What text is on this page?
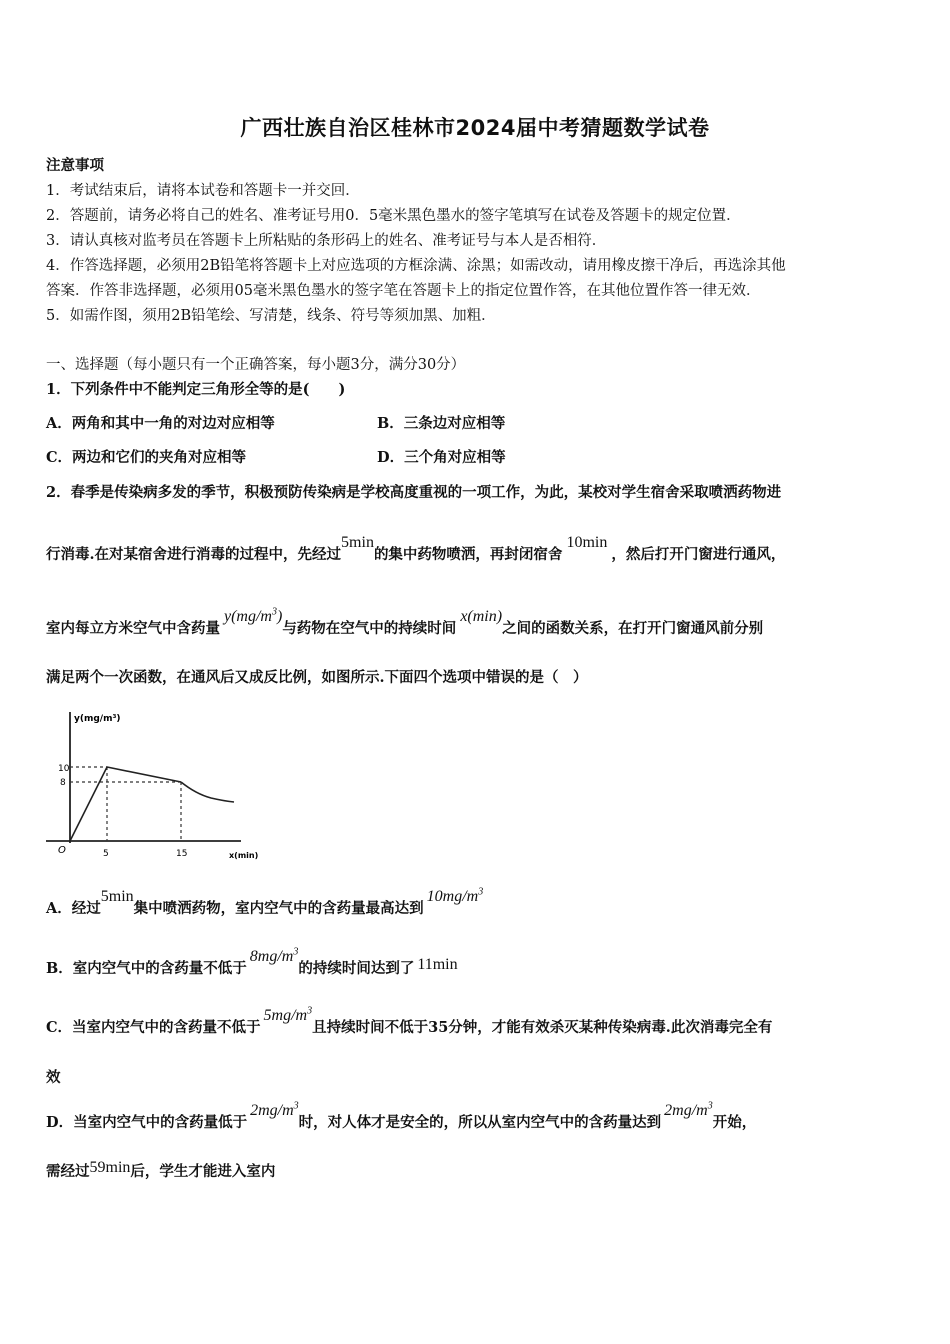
广西壮族自治区桂林市2024届中考猜题数学试卷
注意事项
1．考试结束后，请将本试卷和答题卡一并交回．
2．答题前，请务必将自己的姓名、准考证号用0．5毫米黑色墨水的签字笔填写在试卷及答题卡的规定位置．
3．请认真核对监考员在答题卡上所粘贴的条形码上的姓名、准考证号与本人是否相符．
4．作答选择题，必须用2B铅笔将答题卡上对应选项的方框涂满、涂黑；如需改动，请用橡皮擦干净后，再选涂其他
答案．作答非选择题，必须用05毫米黑色墨水的签字笔在答题卡上的指定位置作答，在其他位置作答一律无效．
5．如需作图，须用2B铅笔绘、写清楚，线条、符号等须加黑、加粗．
一、选择题（每小题只有一个正确答案，每小题3分，满分30分）
1．下列条件中不能判定三角形全等的是(　　)
A．两角和其中一角的对边对应相等	B．三条边对应相等
C．两边和它们的夹角对应相等	D．三个角对应相等
2．春季是传染病多发的季节，积极预防传染病是学校高度重视的一项工作，为此，某校对学生宿舍采取喷洒药物进
行消毒.在对某宿舍进行消毒的过程中，先经过5min的集中药物喷洒，再封闭宿舍10min，然后打开门窗进行通风，
室内每立方米空气中含药量$y(mg/m^3)$与药物在空气中的持续时间x(min)之间的函数关系，在打开门窗通风前分别
满足两个一次函数，在通风后又成反比例，如图所示.下面四个选项中错误的是（　）
y(mg/m³)
10
8
O	5	15	x(min)
A．经过5min集中喷洒药物，室内空气中的含药量最高达到$10mg/m^3$
B．室内空气中的含药量不低于$8mg/m^3$的持续时间达到了 11min
C．当室内空气中的含药量不低于$5mg/m^3$且持续时间不低于35分钟，才能有效杀灭某种传染病毒.此次消毒完全有
效
D．当室内空气中的含药量低于$2mg/m^3$时，对人体才是安全的，所以从室内空气中的含药量达到$2mg/m^3$开始，
需经过59min后，学生才能进入室内
